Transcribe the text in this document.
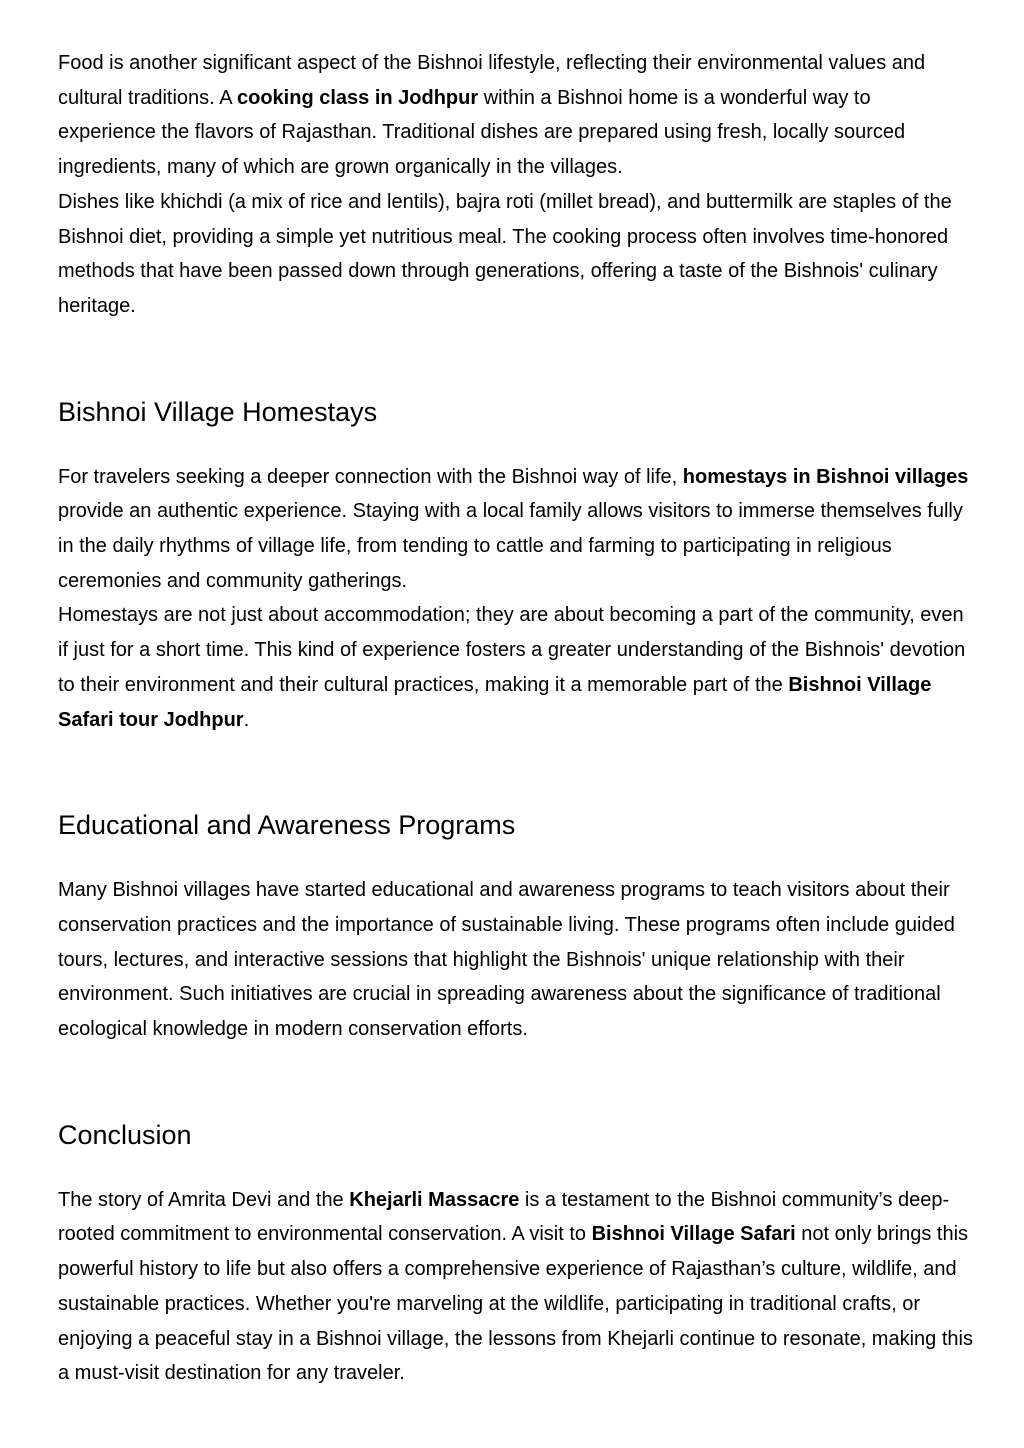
Food is another significant aspect of the Bishnoi lifestyle, reflecting their environmental values and cultural traditions. A cooking class in Jodhpur within a Bishnoi home is a wonderful way to experience the flavors of Rajasthan. Traditional dishes are prepared using fresh, locally sourced ingredients, many of which are grown organically in the villages.

Dishes like khichdi (a mix of rice and lentils), bajra roti (millet bread), and buttermilk are staples of the Bishnoi diet, providing a simple yet nutritious meal. The cooking process often involves time-honored methods that have been passed down through generations, offering a taste of the Bishnois' culinary heritage.

Bishnoi Village Homestays

For travelers seeking a deeper connection with the Bishnoi way of life, homestays in Bishnoi villages provide an authentic experience. Staying with a local family allows visitors to immerse themselves fully in the daily rhythms of village life, from tending to cattle and farming to participating in religious ceremonies and community gatherings.

Homestays are not just about accommodation; they are about becoming a part of the community, even if just for a short time. This kind of experience fosters a greater understanding of the Bishnois' devotion to their environment and their cultural practices, making it a memorable part of the Bishnoi Village Safari tour Jodhpur.

Educational and Awareness Programs

Many Bishnoi villages have started educational and awareness programs to teach visitors about their conservation practices and the importance of sustainable living. These programs often include guided tours, lectures, and interactive sessions that highlight the Bishnois' unique relationship with their environment. Such initiatives are crucial in spreading awareness about the significance of traditional ecological knowledge in modern conservation efforts.

Conclusion

The story of Amrita Devi and the Khejarli Massacre is a testament to the Bishnoi community’s deep-rooted commitment to environmental conservation. A visit to Bishnoi Village Safari not only brings this powerful history to life but also offers a comprehensive experience of Rajasthan’s culture, wildlife, and sustainable practices. Whether you're marveling at the wildlife, participating in traditional crafts, or enjoying a peaceful stay in a Bishnoi village, the lessons from Khejarli continue to resonate, making this a must-visit destination for any traveler.
